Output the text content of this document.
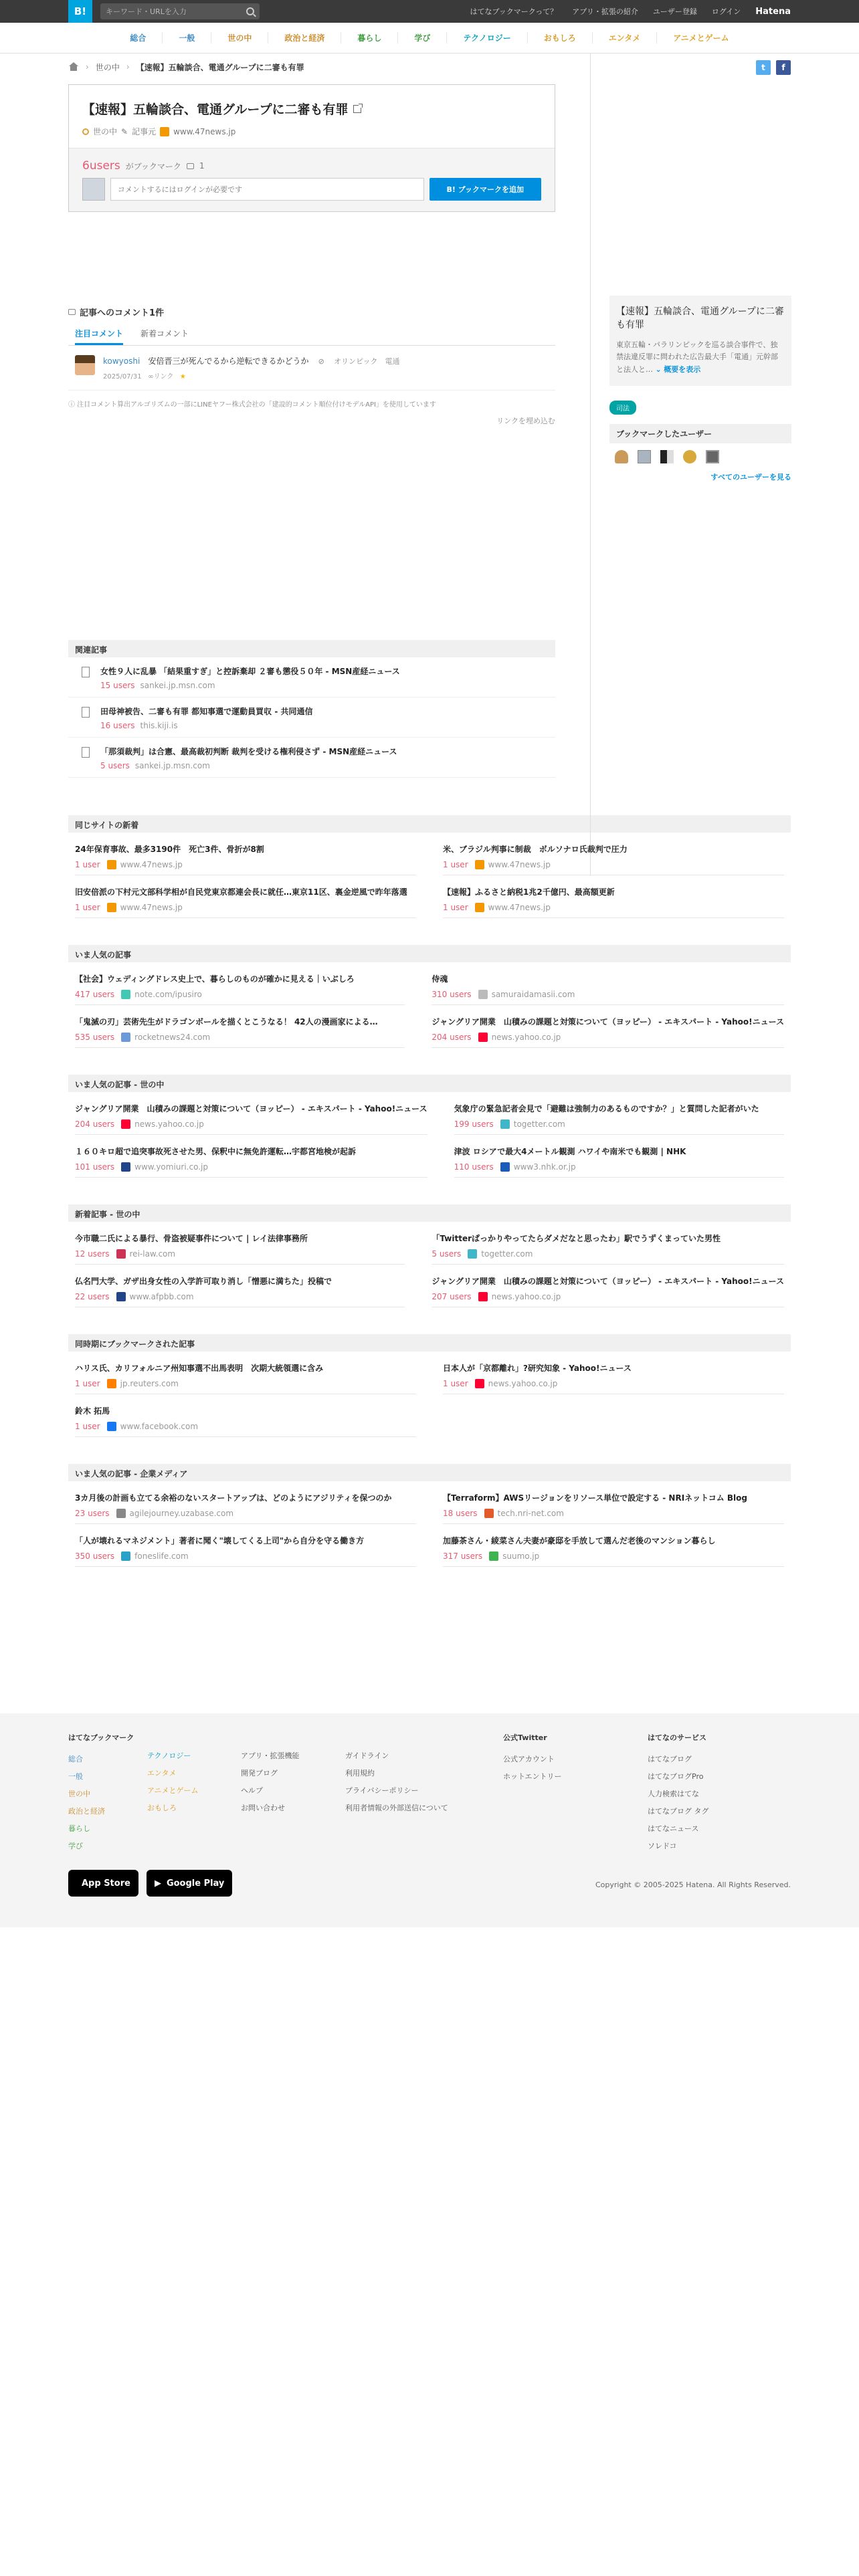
B!
キーワード・URLを入力	はてなブックマークって？ アプリ・拡張の紹介 ユーザー登録 ログイン Hatena
総合	一般	世の中	政治と経済	暮らし	学び	テクノロジー	おもしろ	エンタメ	アニメとゲーム
› 世の中 › 【速報】五輪談合、電通グループに二審も有罪	t	f
【速報】五輪談合、電通グループに二審も有罪
世の中 ✎ 記事元 www.47news.jp
6users がブックマーク 1
コメントするにはログインが必要です
B! ブックマークを追加
記事へのコメント1件
注目コメント 新着コメント
kowyoshi 安倍晋三が死んでるから逆転できるかどうか ⊘ オリンピック　電通
2025/07/31 ∞リンク ★

ⓘ 注目コメント算出アルゴリズムの一部にLINEヤフー株式会社の「建設的コメント順位付けモデルAPI」を使用しています

リンクを埋め込む
関連記事
女性９人に乱暴 「結果重すぎ」と控訴棄却 ２審も懲役５０年 - MSN産経ニュース
15 users sankei.jp.msn.com
田母神被告、二審も有罪 都知事選で運動員買収 - 共同通信
16 users this.kiji.is
「那須裁判」は合憲、最高裁初判断 裁判を受ける権利侵さず - MSN産経ニュース
5 users sankei.jp.msn.com
【速報】五輪談合、電通グループに二審も有罪
東京五輪・パラリンピックを巡る談合事件で、独禁法違反罪に問われた広告最大手「電通」元幹部と法人と… ⌄ 概要を表示
司法
ブックマークしたユーザー
すべてのユーザーを見る
同じサイトの新着
24年保育事故、最多3190件　死亡3件、骨折が8割
1 user	www.47news.jp
米、ブラジル判事に制裁　ボルソナロ氏裁判で圧力
1 user	www.47news.jp
旧安倍派の下村元文部科学相が自民党東京都連会長に就任…東京11区、裏金逆風で昨年落選
1 user	www.47news.jp
【速報】ふるさと納税1兆2千億円、最高額更新
1 user	www.47news.jp
いま人気の記事
【社会】ウェディングドレス史上で、暮らしのものが確かに見える｜いぶしろ
417 users	note.com/ipusiro
侍魂
310 users	samuraidamasii.com
「鬼滅の刃」芸術先生がドラゴンボールを描くとこうなる！ 42人の漫画家による…
535 users	rocketnews24.com
ジャングリア開業　山積みの課題と対策について（ヨッピー） - エキスパート - Yahoo!ニュース
204 users	news.yahoo.co.jp
いま人気の記事 - 世の中
ジャングリア開業　山積みの課題と対策について（ヨッピー） - エキスパート - Yahoo!ニュース
204 users	news.yahoo.co.jp
気象庁の緊急記者会見で「避難は強制力のあるものですか？」と質問した記者がいた
199 users	togetter.com
１６０キロ超で追突事故死させた男、保釈中に無免許運転…宇都宮地検が起訴
101 users	www.yomiuri.co.jp
津波 ロシアで最大4メートル観測 ハワイや南米でも観測 | NHK
110 users	www3.nhk.or.jp
新着記事 - 世の中
今市職二氏による暴行、骨盗被疑事件について | レイ法律事務所
12 users	rei-law.com
「Twitterぱっかりやってたらダメだなと思ったわ」駅でうずくまっていた男性
5 users	togetter.com
仏名門大学、ガザ出身女性の入学許可取り消し「憎悪に満ちた」投稿で
22 users	www.afpbb.com
ジャングリア開業　山積みの課題と対策について（ヨッピー） - エキスパート - Yahoo!ニュース
207 users	news.yahoo.co.jp
同時期にブックマークされた記事
ハリス氏、カリフォルニア州知事選不出馬表明　次期大統領選に含み
1 user	jp.reuters.com
日本人が「京都離れ」?研究知象 - Yahoo!ニュース
1 user	news.yahoo.co.jp
鈴木 拓馬
1 user	www.facebook.com
いま人気の記事 - 企業メディア
3カ月後の計画も立てる余裕のないスタートアップは、どのようにアジリティを保つのか
23 users	agilejourney.uzabase.com
【Terraform】AWSリージョンをリソース単位で設定する - NRIネットコム Blog
18 users	tech.nri-net.com
「人が壊れるマネジメント」著者に聞く"壊してくる上司"から自分を守る働き方
350 users	foneslife.com
加藤茶さん・綾菜さん夫妻が豪邸を手放して選んだ老後のマンション暮らし
317 users	suumo.jp
はてなブックマーク
総合
一般
世の中
政治と経済
暮らし
学び
テクノロジー
エンタメ
アニメとゲーム
おもしろ
アプリ・拡張機能
開発ブログ
ヘルプ
お問い合わせ
ガイドライン
利用規約
プライバシーポリシー
利用者情報の外部送信について
公式Twitter
公式アカウント
ホットエントリー
はてなのサービス
はてなブログ
はてなブログPro
人力検索はてな
はてなブログ タグ
はてなニュース
ソレドコ
App Store	▶ Google Play	Copyright © 2005-2025 Hatena. All Rights Reserved.
